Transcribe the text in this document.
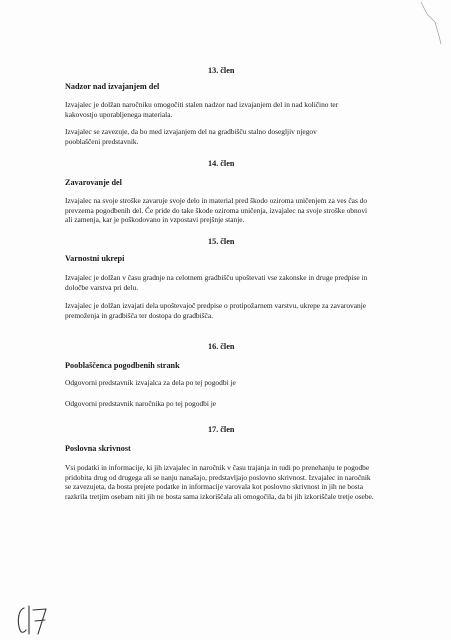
13. člen
Nadzor nad izvajanjem del
Izvajalec je dolžan naročniku omogočiti stalen nadzor nad izvajanjem del in nad količino ter
kakovostjo uporabljenega materiala.
Izvajalec se zavezuje, da bo med izvajanjem del na gradbišču stalno dosegljiv njegov
pooblaščeni predstavnik.
14. člen
Zavarovanje del
Izvajalec na svoje stroške zavaruje svoje delo in material pred škodo oziroma uničenjem za ves čas do
prevzema pogodbenih del. Če pride do take škode oziroma uničenja, izvajalec na svoje stroške obnovi
ali zamenja, kar je poškodovano in vzpostavi prejšnje stanje.
15. člen
Varnostni ukrepi
Izvajalec je dolžan v času gradnje na celotnem gradbišču upoštevati vse zakonske in druge predpise in
določbe varstva pri delu.
Izvajalec je dolžan izvajati dela upoštevajoč predpise o protipožarnem varstvu, ukrepe za zavarovanje
premoženja in gradbišča ter dostopa do gradbišča.
16. člen
Pooblaščenca pogodbenih strank
Odgovorni predstavnik izvajalca za dela po tej pogodbi je
Odgovorni predstavnik naročnika po tej pogodbi je
17. člen
Poslovna skrivnost
Vsi podatki in informacije, ki jih izvajalec in naročnik v času trajanja in tudi po prenehanju te pogodbe
pridobita drug od drugega ali se nanju nanašajo, predstavljajo poslovno skrivnost. Izvajalec in naročnik
se zavezujeta, da bosta prejete podatke in informacije varovala kot poslovno skrivnost in jih ne bosta
razkrila tretjim osebam niti jih ne bosta sama izkoriščala ali omogočila, da bi jih izkoriščale tretje osebe.
